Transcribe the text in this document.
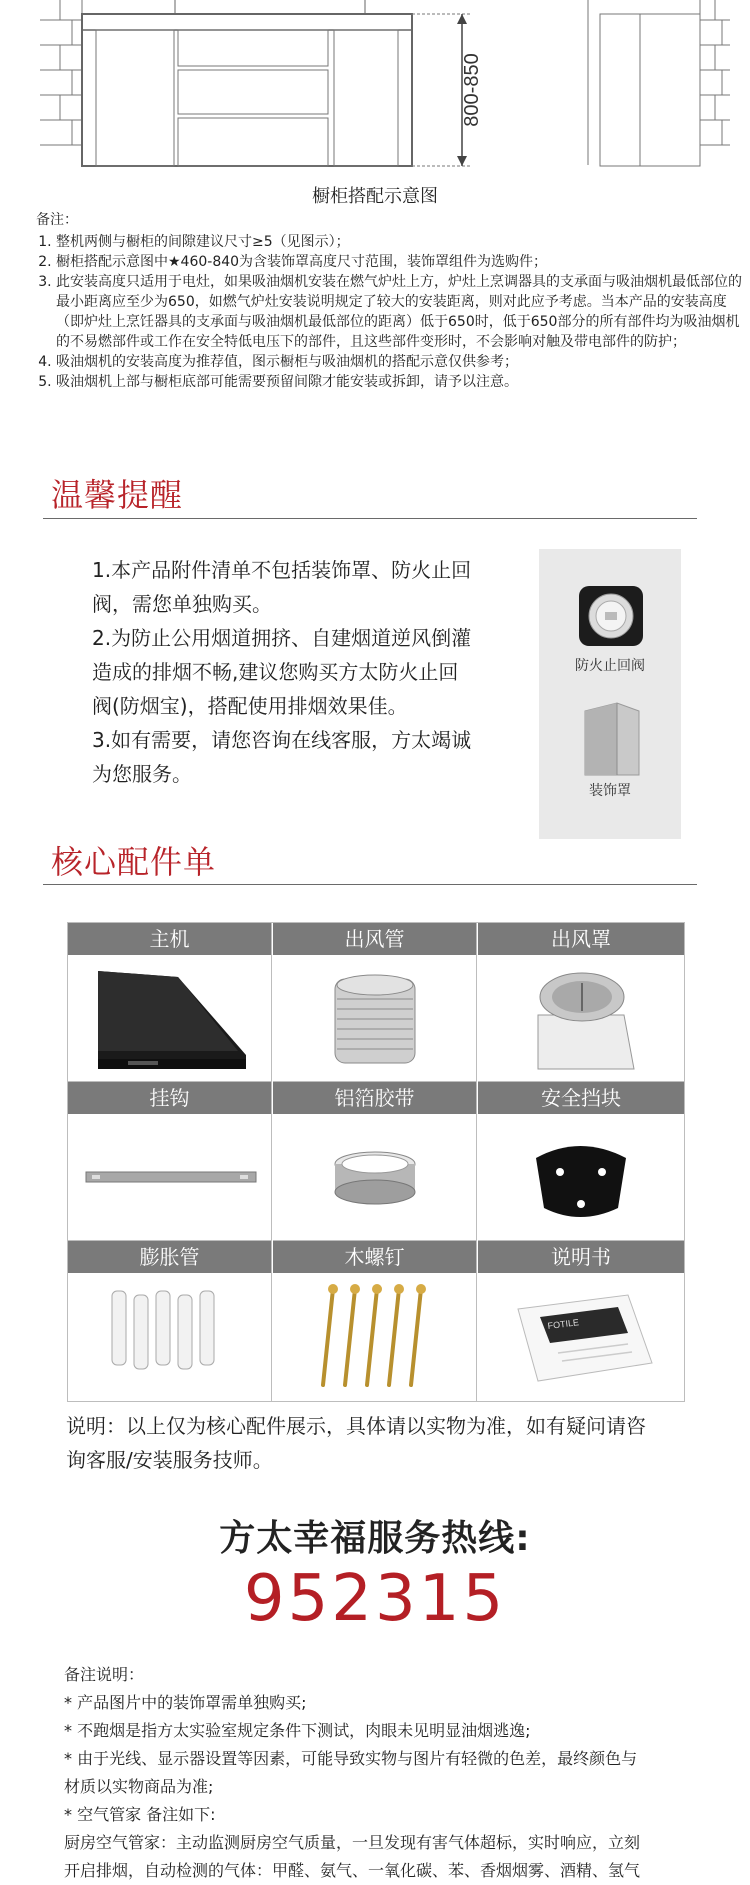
800-850
橱柜搭配示意图
备注：
1. 整机两侧与橱柜的间隙建议尺寸≥5（见图示）；
2. 橱柜搭配示意图中★460-840为含装饰罩高度尺寸范围，装饰罩组件为选购件；
3. 此安装高度只适用于电灶，如果吸油烟机安装在燃气炉灶上方，炉灶上烹调器具的支承面与吸油烟机最低部位的最小距离应至少为650，如燃气炉灶安装说明规定了较大的安装距离，则对此应予考虑。当本产品的安装高度（即炉灶上烹饪器具的支承面与吸油烟机最低部位的距离）低于650时，低于650部分的所有部件均为吸油烟机的不易燃部件或工作在安全特低电压下的部件，且这些部件变形时，不会影响对触及带电部件的防护；
4. 吸油烟机的安装高度为推荐值，图示橱柜与吸油烟机的搭配示意仅供参考；
5. 吸油烟机上部与橱柜底部可能需要预留间隙才能安装或拆卸，请予以注意。
温馨提醒

1.本产品附件清单不包括装饰罩、防火止回

阀，需您单独购买。

2.为防止公用烟道拥挤、自建烟道逆风倒灌

造成的排烟不畅,建议您购买方太防火止回

阀(防烟宝)，搭配使用排烟效果佳。

3.如有需要，请您咨询在线客服，方太竭诚

为您服务。

防火止回阀
装饰罩
核心配件单
主机	出风管	出风罩
挂钩	铝箔胶带	安全挡块
膨胀管	木螺钉	说明书
FOTILE
说明：以上仅为核心配件展示，具体请以实物为准，如有疑问请咨
询客服/安装服务技师。
方太幸福服务热线:
952315

备注说明：

* 产品图片中的装饰罩需单独购买;

* 不跑烟是指方太实验室规定条件下测试，肉眼未见明显油烟逃逸;

* 由于光线、显示器设置等因素，可能导致实物与图片有轻微的色差，最终颜色与

材质以实物商品为准;

* 空气管家 备注如下:

厨房空气管家：主动监测厨房空气质量，一旦发现有害气体超标，实时响应，立刻

开启排烟，自动检测的气体：甲醛、氨气、一氧化碳、苯、香烟烟雾、酒精、氢气
